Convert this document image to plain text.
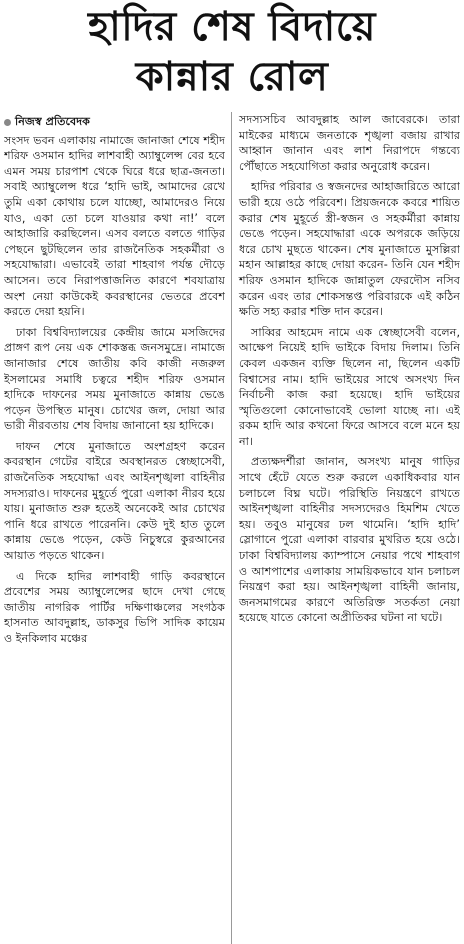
হাদির শেষ বিদায়ে
কান্নার রোল
নিজস্ব প্রতিবেদক

সংসদ ভবন এলাকায় নামাজে জানাজা শেষে শহীদ শরিফ ওসমান হাদির লাশবাহী অ্যাম্বুলেন্স বের হবে এমন সময় চারপাশ থেকে ঘিরে ধরে ছাত্র-জনতা। সবাই অ্যাম্বুলেন্স ধরে ‘হাদি ভাই, আমাদের রেখে তুমি একা কোথায় চলে যাচ্ছো, আমাদেরও নিয়ে যাও, একা তো চলে যাওয়ার কথা না!’ বলে আহাজারি করছিলেন। এসব বলতে বলতে গাড়ির পেছনে ছুটছিলেন তার রাজনৈতিক সহকর্মীরা ও সহযোদ্ধারা। এভাবেই তারা শাহবাগ পর্যন্ত দৌড়ে আসেন। তবে নিরাপত্তাজনিত কারণে শবযাত্রায় অংশ নেয়া কাউকেই কবরস্থানের ভেতরে প্রবেশ করতে দেয়া হয়নি।

ঢাকা বিশ্ববিদ্যালয়ের কেন্দ্রীয় জামে মসজিদের প্রাঙ্গণ রূপ নেয় এক শোকস্তব্ধ জনসমুদ্রে। নামাজে জানাজার শেষে জাতীয় কবি কাজী নজরুল ইসলামের সমাধি চত্বরে শহীদ শরিফ ওসমান হাদিকে দাফনের সময় মুনাজাতে কান্নায় ভেঙে পড়েন উপস্থিত মানুষ। চোখের জল, দোয়া আর ভারী নীরবতায় শেষ বিদায় জানানো হয় হাদিকে।

দাফন শেষে মুনাজাতে অংশগ্রহণ করেন কবরস্থান গেটের বাইরে অবস্থানরত স্বেচ্ছাসেবী, রাজনৈতিক সহযোদ্ধা এবং আইনশৃঙ্খলা বাহিনীর সদস্যরাও। দাফনের মুহূর্তে পুরো এলাকা নীরব হয়ে যায়। মুনাজাত শুরু হতেই অনেকেই আর চোখের পানি ধরে রাখতে পারেননি। কেউ দুই হাত তুলে কান্নায় ভেঙে পড়েন, কেউ নিচুস্বরে কুরআনের আয়াত পড়তে থাকেন।

এ দিকে হাদির লাশবাহী গাড়ি কবরস্থানে প্রবেশের সময় অ্যাম্বুলেন্সের ছাদে দেখা গেছে জাতীয় নাগরিক পার্টির দক্ষিণাঞ্চলের সংগঠক হাসনাত আবদুল্লাহ, ডাকসুর ভিপি সাদিক কায়েম ও ইনকিলাব মঞ্চের

সদস্যসচিব আবদুল্লাহ আল জাবেরকে। তারা মাইকের মাধ্যমে জনতাকে শৃঙ্খলা বজায় রাখার আহ্বান জানান এবং লাশ নিরাপদে গন্তব্যে পৌঁছাতে সহযোগিতা করার অনুরোধ করেন।

হাদির পরিবার ও স্বজনদের আহাজারিতে আরো ভারী হয়ে ওঠে পরিবেশ। প্রিয়জনকে কবরে শায়িত করার শেষ মুহূর্তে স্ত্রী-স্বজন ও সহকর্মীরা কান্নায় ভেঙে পড়েন। সহযোদ্ধারা একে অপরকে জড়িয়ে ধরে চোখ মুছতে থাকেন। শেষ মুনাজাতে মুসল্লিরা মহান আল্লাহর কাছে দোয়া করেন- তিনি যেন শহীদ শরিফ ওসমান হাদিকে জান্নাতুল ফেরদৌস নসিব করেন এবং তার শোকসন্তপ্ত পরিবারকে এই কঠিন ক্ষতি সহ্য করার শক্তি দান করেন।

সাব্বির আহমেদ নামে এক স্বেচ্ছাসেবী বলেন, আক্ষেপ নিয়েই হাদি ভাইকে বিদায় দিলাম। তিনি কেবল একজন ব্যক্তি ছিলেন না, ছিলেন একটি বিশ্বাসের নাম। হাদি ভাইয়ের সাথে অসংখ্য দিন নির্বাচনী কাজ করা হয়েছে। হাদি ভাইয়ের স্মৃতিগুলো কোনোভাবেই ভোলা যাচ্ছে না। এই রকম হাদি আর কখনো ফিরে আসবে বলে মনে হয় না।

প্রত্যক্ষদর্শীরা জানান, অসংখ্য মানুষ গাড়ির সাথে হেঁটে যেতে শুরু করলে একাধিকবার যান চলাচলে বিঘ্ন ঘটে। পরিস্থিতি নিয়ন্ত্রণে রাখতে আইনশৃঙ্খলা বাহিনীর সদস্যদেরও হিমশিম খেতে হয়। তবুও মানুষের ঢল থামেনি। ‘হাদি হাদি’ স্লোগানে পুরো এলাকা বারবার মুখরিত হয়ে ওঠে। ঢাকা বিশ্ববিদ্যালয় ক্যাম্পাসে নেয়ার পথে শাহবাগ ও আশপাশের এলাকায় সাময়িকভাবে যান চলাচল নিয়ন্ত্রণ করা হয়। আইনশৃঙ্খলা বাহিনী জানায়, জনসমাগমের কারণে অতিরিক্ত সতর্কতা নেয়া হয়েছে যাতে কোনো অপ্রীতিকর ঘটনা না ঘটে।
